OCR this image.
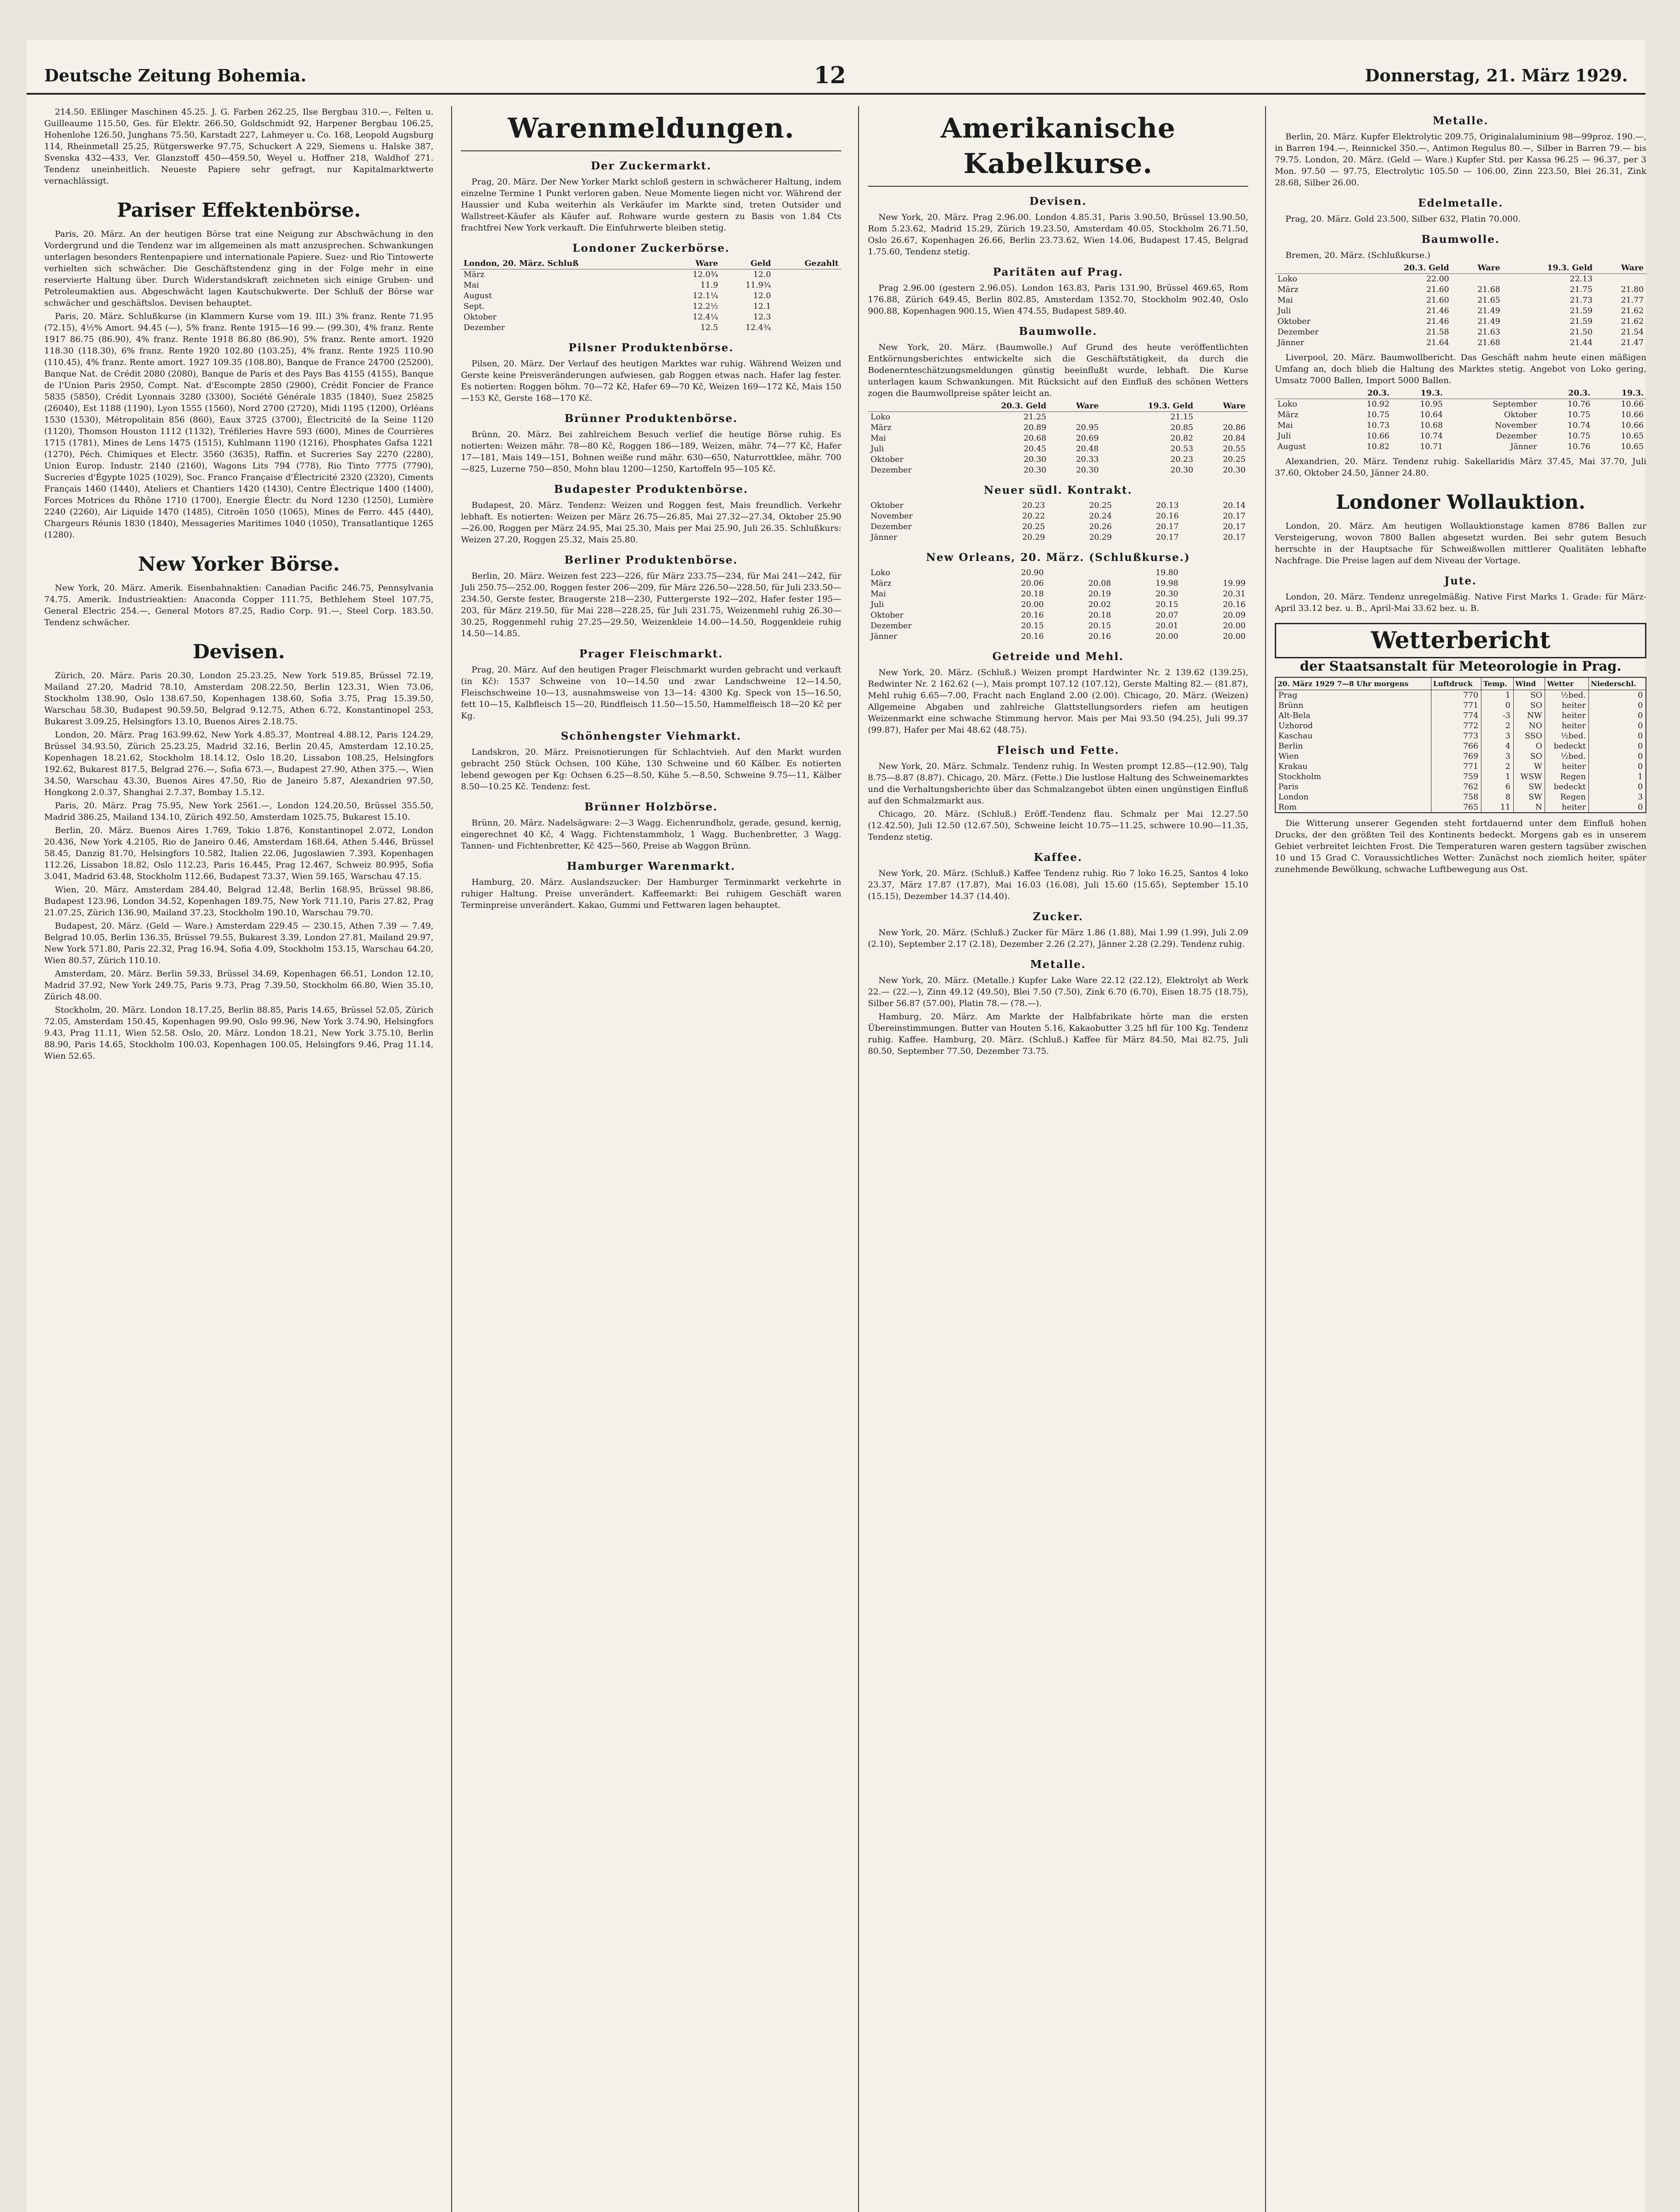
Deutsche Zeitung Bohemia.	12	Donnerstag, 21. März 1929.

214.50. Eßlinger Maschinen 45.25. J. G. Farben 262.25, Ilse Bergbau 310.—, Felten u. Guilleaume 115.50, Ges. für Elektr. 266.50, Goldschmidt 92, Harpener Bergbau 106.25, Hohenlohe 126.50, Junghans 75.50, Karstadt 227, Lahmeyer u. Co. 168, Leopold Augsburg 114, Rheinmetall 25.25, Rütgerswerke 97.75, Schuckert A 229, Siemens u. Halske 387, Svenska 432—433, Ver. Glanzstoff 450—459.50, Weyel u. Hoffner 218, Waldhof 271. Tendenz uneinheitlich. Neueste Papiere sehr gefragt, nur Kapitalmarktwerte vernachlässigt.

Pariser Effektenbörse.

Paris, 20. März. An der heutigen Börse trat eine Neigung zur Abschwächung in den Vordergrund und die Tendenz war im allgemeinen als matt anzusprechen. Schwankungen unterlagen besonders Rentenpapiere und internationale Papiere. Suez- und Rio Tintowerte verhielten sich schwächer. Die Geschäftstendenz ging in der Folge mehr in eine reservierte Haltung über. Durch Widerstandskraft zeichneten sich einige Gruben- und Petroleumaktien aus. Abgeschwächt lagen Kautschukwerte. Der Schluß der Börse war schwächer und geschäftslos. Devisen behauptet.

Paris, 20. März. Schlußkurse (in Klammern Kurse vom 19. III.) 3% franz. Rente 71.95 (72.15), 4½% Amort. 94.45 (—), 5% franz. Rente 1915—16 99.— (99.30), 4% franz. Rente 1917 86.75 (86.90), 4% franz. Rente 1918 86.80 (86.90), 5% franz. Rente amort. 1920 118.30 (118.30), 6% franz. Rente 1920 102.80 (103.25), 4% franz. Rente 1925 110.90 (110.45), 4% franz. Rente amort. 1927 109.35 (108.80), Banque de France 24700 (25200), Banque Nat. de Crédit 2080 (2080), Banque de Paris et des Pays Bas 4155 (4155), Banque de l'Union Paris 2950, Compt. Nat. d'Escompte 2850 (2900), Crédit Foncier de France 5835 (5850), Crédit Lyonnais 3280 (3300), Société Générale 1835 (1840), Suez 25825 (26040), Est 1188 (1190), Lyon 1555 (1560), Nord 2700 (2720), Midi 1195 (1200), Orléans 1530 (1530), Métropolitain 856 (860), Eaux 3725 (3700), Électricité de la Seine 1120 (1120), Thomson Houston 1112 (1132), Tréfileries Havre 593 (600), Mines de Courrières 1715 (1781), Mines de Lens 1475 (1515), Kuhlmann 1190 (1216), Phosphates Gafsa 1221 (1270), Péch. Chimiques et Electr. 3560 (3635), Raffin. et Sucreries Say 2270 (2280), Union Europ. Industr. 2140 (2160), Wagons Lits 794 (778), Rio Tinto 7775 (7790), Sucreries d'Égypte 1025 (1029), Soc. Franco Française d'Électricité 2320 (2320), Ciments Français 1460 (1440), Ateliers et Chantiers 1420 (1430), Centre Électrique 1400 (1400), Forces Motrices du Rhône 1710 (1700), Energie Électr. du Nord 1230 (1250), Lumière 2240 (2260), Air Liquide 1470 (1485), Citroën 1050 (1065), Mines de Ferro. 445 (440), Chargeurs Réunis 1830 (1840), Messageries Maritimes 1040 (1050), Transatlantique 1265 (1280).

New Yorker Börse.

New York, 20. März. Amerik. Eisenbahnaktien: Canadian Pacific 246.75, Pennsylvania 74.75. Amerik. Industrieaktien: Anaconda Copper 111.75, Bethlehem Steel 107.75, General Electric 254.—, General Motors 87.25, Radio Corp. 91.—, Steel Corp. 183.50. Tendenz schwächer.

Devisen.

Zürich, 20. März. Paris 20.30, London 25.23.25, New York 519.85, Brüssel 72.19, Mailand 27.20, Madrid 78.10, Amsterdam 208.22.50, Berlin 123.31, Wien 73.06, Stockholm 138.90, Oslo 138.67.50, Kopenhagen 138.60, Sofia 3.75, Prag 15.39.50, Warschau 58.30, Budapest 90.59.50, Belgrad 9.12.75, Athen 6.72, Konstantinopel 253, Bukarest 3.09.25, Helsingfors 13.10, Buenos Aires 2.18.75.

London, 20. März. Prag 163.99.62, New York 4.85.37, Montreal 4.88.12, Paris 124.29, Brüssel 34.93.50, Zürich 25.23.25, Madrid 32.16, Berlin 20.45, Amsterdam 12.10.25, Kopenhagen 18.21.62, Stockholm 18.14.12, Oslo 18.20, Lissabon 108.25, Helsingfors 192.62, Bukarest 817.5, Belgrad 276.—, Sofia 673.—, Budapest 27.90, Athen 375.—, Wien 34.50, Warschau 43.30, Buenos Aires 47.50, Rio de Janeiro 5.87, Alexandrien 97.50, Hongkong 2.0.37, Shanghai 2.7.37, Bombay 1.5.12.

Paris, 20. März. Prag 75.95, New York 2561.—, London 124.20.50, Brüssel 355.50, Madrid 386.25, Mailand 134.10, Zürich 492.50, Amsterdam 1025.75, Bukarest 15.10.

Berlin, 20. März. Buenos Aires 1.769, Tokio 1.876, Konstantinopel 2.072, London 20.436, New York 4.2105, Rio de Janeiro 0.46, Amsterdam 168.64, Athen 5.446, Brüssel 58.45, Danzig 81.70, Helsingfors 10.582, Italien 22.06, Jugoslawien 7.393, Kopenhagen 112.26, Lissabon 18.82, Oslo 112.23, Paris 16.445, Prag 12.467, Schweiz 80.995, Sofia 3.041, Madrid 63.48, Stockholm 112.66, Budapest 73.37, Wien 59.165, Warschau 47.15.

Wien, 20. März. Amsterdam 284.40, Belgrad 12.48, Berlin 168.95, Brüssel 98.86, Budapest 123.96, London 34.52, Kopenhagen 189.75, New York 711.10, Paris 27.82, Prag 21.07.25, Zürich 136.90, Mailand 37.23, Stockholm 190.10, Warschau 79.70.

Budapest, 20. März. (Geld — Ware.) Amsterdam 229.45 — 230.15, Athen 7.39 — 7.49, Belgrad 10.05, Berlin 136.35, Brüssel 79.55, Bukarest 3.39, London 27.81, Mailand 29.97, New York 571.80, Paris 22.32, Prag 16.94, Sofia 4.09, Stockholm 153.15, Warschau 64.20, Wien 80.57, Zürich 110.10.

Amsterdam, 20. März. Berlin 59.33, Brüssel 34.69, Kopenhagen 66.51, London 12.10, Madrid 37.92, New York 249.75, Paris 9.73, Prag 7.39.50, Stockholm 66.80, Wien 35.10, Zürich 48.00.

Stockholm, 20. März. London 18.17.25, Berlin 88.85, Paris 14.65, Brüssel 52.05, Zürich 72.05, Amsterdam 150.45, Kopenhagen 99.90, Oslo 99.96, New York 3.74.90, Helsingfors 9.43, Prag 11.11, Wien 52.58. Oslo, 20. März. London 18.21, New York 3.75.10, Berlin 88.90, Paris 14.65, Stockholm 100.03, Kopenhagen 100.05, Helsingfors 9.46, Prag 11.14, Wien 52.65.

Warenmeldungen.
Der Zuckermarkt.

Prag, 20. März. Der New Yorker Markt schloß gestern in schwächerer Haltung, indem einzelne Termine 1 Punkt verloren gaben. Neue Momente liegen nicht vor. Während der Haussier und Kuba weiterhin als Verkäufer im Markte sind, treten Outsider und Wallstreet-Käufer als Käufer auf. Rohware wurde gestern zu Basis von 1.84 Cts frachtfrei New York verkauft. Die Einfuhrwerte bleiben stetig.

Londoner Zuckerbörse.
London, 20. März. Schluß	Ware	Geld	Gezahlt
März	12.0¾	12.0	
Mai	11.9	11.9¾	
August	12.1¼	12.0	
Sept.	12.2½	12.1	
Oktober	12.4¼	12.3	
Dezember	12.5	12.4¾	
Pilsner Produktenbörse.

Pilsen, 20. März. Der Verlauf des heutigen Marktes war ruhig. Während Weizen und Gerste keine Preisveränderungen aufwiesen, gab Roggen etwas nach. Hafer lag fester. Es notierten: Roggen böhm. 70—72 Kč, Hafer 69—70 Kč, Weizen 169—172 Kč, Mais 150—153 Kč, Gerste 168—170 Kč.

Brünner Produktenbörse.

Brünn, 20. März. Bei zahlreichem Besuch verlief die heutige Börse ruhig. Es notierten: Weizen mähr. 78—80 Kč, Roggen 186—189, Weizen, mähr. 74—77 Kč, Hafer 17—181, Mais 149—151, Bohnen weiße rund mähr. 630—650, Naturrottklee, mähr. 700—825, Luzerne 750—850, Mohn blau 1200—1250, Kartoffeln 95—105 Kč.

Budapester Produktenbörse.

Budapest, 20. März. Tendenz: Weizen und Roggen fest, Mais freundlich. Verkehr lebhaft. Es notierten: Weizen per März 26.75—26.85, Mai 27.32—27.34, Oktober 25.90—26.00, Roggen per März 24.95, Mai 25.30, Mais per Mai 25.90, Juli 26.35. Schlußkurs: Weizen 27.20, Roggen 25.32, Mais 25.80.

Berliner Produktenbörse.

Berlin, 20. März. Weizen fest 223—226, für März 233.75—234, für Mai 241—242, für Juli 250.75—252.00, Roggen fester 206—209, für März 226.50—228.50, für Juli 233.50—234.50, Gerste fester, Braugerste 218—230, Futtergerste 192—202, Hafer fester 195—203, für März 219.50, für Mai 228—228.25, für Juli 231.75, Weizenmehl ruhig 26.30—30.25, Roggenmehl ruhig 27.25—29.50, Weizenkleie 14.00—14.50, Roggenkleie ruhig 14.50—14.85.

Prager Fleischmarkt.

Prag, 20. März. Auf den heutigen Prager Fleischmarkt wurden gebracht und verkauft (in Kč): 1537 Schweine von 10—14.50 und zwar Landschweine 12—14.50, Fleischschweine 10—13, ausnahmsweise von 13—14: 4300 Kg. Speck von 15—16.50, fett 10—15, Kalbfleisch 15—20, Rindfleisch 11.50—15.50, Hammelfleisch 18—20 Kč per Kg.

Schönhengster Viehmarkt.

Landskron, 20. März. Preisnotierungen für Schlachtvieh. Auf den Markt wurden gebracht 250 Stück Ochsen, 100 Kühe, 130 Schweine und 60 Kälber. Es notierten lebend gewogen per Kg: Ochsen 6.25—8.50, Kühe 5.—8.50, Schweine 9.75—11, Kälber 8.50—10.25 Kč. Tendenz: fest.

Brünner Holzbörse.

Brünn, 20. März. Nadelsägware: 2—3 Wagg. Eichenrundholz, gerade, gesund, kernig, eingerechnet 40 Kč, 4 Wagg. Fichtenstammholz, 1 Wagg. Buchenbretter, 3 Wagg. Tannen- und Fichtenbretter, Kč 425—560, Preise ab Waggon Brünn.

Hamburger Warenmarkt.

Hamburg, 20. März. Auslandszucker: Der Hamburger Terminmarkt verkehrte in ruhiger Haltung. Preise unverändert. Kaffeemarkt: Bei ruhigem Geschäft waren Terminpreise unverändert. Kakao, Gummi und Fettwaren lagen behauptet.

Amerikanische Kabelkurse.
Devisen.

New York, 20. März. Prag 2.96.00. London 4.85.31, Paris 3.90.50, Brüssel 13.90.50, Rom 5.23.62, Madrid 15.29, Zürich 19.23.50, Amsterdam 40.05, Stockholm 26.71.50, Oslo 26.67, Kopenhagen 26.66, Berlin 23.73.62, Wien 14.06, Budapest 17.45, Belgrad 1.75.60, Tendenz stetig.

Paritäten auf Prag.

Prag 2.96.00 (gestern 2.96.05). London 163.83, Paris 131.90, Brüssel 469.65, Rom 176.88, Zürich 649.45, Berlin 802.85, Amsterdam 1352.70, Stockholm 902.40, Oslo 900.88, Kopenhagen 900.15, Wien 474.55, Budapest 589.40.

Baumwolle.

New York, 20. März. (Baumwolle.) Auf Grund des heute veröffentlichten Entkörnungsberichtes entwickelte sich die Geschäftstätigkeit, da durch die Bodenernteschätzungsmeldungen günstig beeinflußt wurde, lebhaft. Die Kurse unterlagen kaum Schwankungen. Mit Rücksicht auf den Einfluß des schönen Wetters zogen die Baumwollpreise später leicht an.

	20.3. Geld	Ware	19.3. Geld	Ware
Loko	21.25		21.15	
März	20.89	20.95	20.85	20.86
Mai	20.68	20.69	20.82	20.84
Juli	20.45	20.48	20.53	20.55
Oktober	20.30	20.33	20.23	20.25
Dezember	20.30	20.30	20.30	20.30
Neuer südl. Kontrakt.
Oktober	20.23	20.25	20.13	20.14
November	20.22	20.24	20.16	20.17
Dezember	20.25	20.26	20.17	20.17
Jänner	20.29	20.29	20.17	20.17
New Orleans, 20. März. (Schlußkurse.)
Loko	20.90		19.80	
März	20.06	20.08	19.98	19.99
Mai	20.18	20.19	20.30	20.31
Juli	20.00	20.02	20.15	20.16
Oktober	20.16	20.18	20.07	20.09
Dezember	20.15	20.15	20.01	20.00
Jänner	20.16	20.16	20.00	20.00
Getreide und Mehl.

New York, 20. März. (Schluß.) Weizen prompt Hardwinter Nr. 2 139.62 (139.25), Redwinter Nr. 2 162.62 (—), Mais prompt 107.12 (107.12), Gerste Malting 82.— (81.87), Mehl ruhig 6.65—7.00, Fracht nach England 2.00 (2.00). Chicago, 20. März. (Weizen) Allgemeine Abgaben und zahlreiche Glattstellungsorders riefen am heutigen Weizenmarkt eine schwache Stimmung hervor. Mais per Mai 93.50 (94.25), Juli 99.37 (99.87), Hafer per Mai 48.62 (48.75).

Fleisch und Fette.

New York, 20. März. Schmalz. Tendenz ruhig. In Westen prompt 12.85—(12.90), Talg 8.75—8.87 (8.87). Chicago, 20. März. (Fette.) Die lustlose Haltung des Schweinemarktes und die Verhaltungsberichte über das Schmalzangebot übten einen ungünstigen Einfluß auf den Schmalzmarkt aus.

Chicago, 20. März. (Schluß.) Eröff.-Tendenz flau. Schmalz per Mai 12.27.50 (12.42.50), Juli 12.50 (12.67.50), Schweine leicht 10.75—11.25, schwere 10.90—11.35, Tendenz stetig.

Kaffee.

New York, 20. März. (Schluß.) Kaffee Tendenz ruhig. Rio 7 loko 16.25, Santos 4 loko 23.37, März 17.87 (17.87), Mai 16.03 (16.08), Juli 15.60 (15.65), September 15.10 (15.15), Dezember 14.37 (14.40).

Zucker.

New York, 20. März. (Schluß.) Zucker für März 1.86 (1.88), Mai 1.99 (1.99), Juli 2.09 (2.10), September 2.17 (2.18), Dezember 2.26 (2.27), Jänner 2.28 (2.29). Tendenz ruhig.

Metalle.

New York, 20. März. (Metalle.) Kupfer Lake Ware 22.12 (22.12), Elektrolyt ab Werk 22.— (22.—), Zinn 49.12 (49.50), Blei 7.50 (7.50), Zink 6.70 (6.70), Eisen 18.75 (18.75), Silber 56.87 (57.00), Platin 78.— (78.—).

Hamburg, 20. März. Am Markte der Halbfabrikate hörte man die ersten Übereinstimmungen. Butter van Houten 5.16, Kakaobutter 3.25 hfl für 100 Kg. Tendenz ruhig. Kaffee. Hamburg, 20. März. (Schluß.) Kaffee für März 84.50, Mai 82.75, Juli 80.50, September 77.50, Dezember 73.75.

Metalle.

Berlin, 20. März. Kupfer Elektrolytic 209.75, Originalaluminium 98—99proz. 190.—, in Barren 194.—, Reinnickel 350.—, Antimon Regulus 80.—, Silber in Barren 79.— bis 79.75. London, 20. März. (Geld — Ware.) Kupfer Std. per Kassa 96.25 — 96.37, per 3 Mon. 97.50 — 97.75, Electrolytic 105.50 — 106.00, Zinn 223.50, Blei 26.31, Zink 28.68, Silber 26.00.

Edelmetalle.

Prag, 20. März. Gold 23.500, Silber 632, Platin 70.000.

Baumwolle.

Bremen, 20. März. (Schlußkurse.)

	20.3. Geld	Ware	19.3. Geld	Ware
Loko	22.00		22.13	
März	21.60	21.68	21.75	21.80
Mai	21.60	21.65	21.73	21.77
Juli	21.46	21.49	21.59	21.62
Oktober	21.46	21.49	21.59	21.62
Dezember	21.58	21.63	21.50	21.54
Jänner	21.64	21.68	21.44	21.47

Liverpool, 20. März. Baumwollbericht. Das Geschäft nahm heute einen mäßigen Umfang an, doch blieb die Haltung des Marktes stetig. Angebot von Loko gering, Umsatz 7000 Ballen, Import 5000 Ballen.

	20.3.	19.3.		20.3.	19.3.
Loko	10.92	10.95	September	10.76	10.66
März	10.75	10.64	Oktober	10.75	10.66
Mai	10.73	10.68	November	10.74	10.66
Juli	10.66	10.74	Dezember	10.75	10.65
August	10.82	10.71	Jänner	10.76	10.65

Alexandrien, 20. März. Tendenz ruhig. Sakellaridis März 37.45, Mai 37.70, Juli 37.60, Oktober 24.50, Jänner 24.80.

Londoner Wollauktion.

London, 20. März. Am heutigen Wollauktionstage kamen 8786 Ballen zur Versteigerung, wovon 7800 Ballen abgesetzt wurden. Bei sehr gutem Besuch herrschte in der Hauptsache für Schweißwollen mittlerer Qualitäten lebhafte Nachfrage. Die Preise lagen auf dem Niveau der Vortage.

Jute.

London, 20. März. Tendenz unregelmäßig. Native First Marks 1. Grade: für März-April 33.12 bez. u. B., April-Mai 33.62 bez. u. B.

Wetterbericht
der Staatsanstalt für Meteorologie in Prag.
20. März 1929 7—8 Uhr morgens	Luftdruck	Temp.	Wind	Wetter	Niederschl.
Prag	770	1	SO	½bed.	0
Brünn	771	0	SO	heiter	0
Alt-Bela	774	-3	NW	heiter	0
Uzhorod	772	2	NO	heiter	0
Kaschau	773	3	SSO	½bed.	0
Berlin	766	4	O	bedeckt	0
Wien	769	3	SO	½bed.	0
Krakau	771	2	W	heiter	0
Stockholm	759	1	WSW	Regen	1
Paris	762	6	SW	bedeckt	0
London	758	8	SW	Regen	3
Rom	765	11	N	heiter	0

Die Witterung unserer Gegenden steht fortdauernd unter dem Einfluß hohen Drucks, der den größten Teil des Kontinents bedeckt. Morgens gab es in unserem Gebiet verbreitet leichten Frost. Die Temperaturen waren gestern tagsüber zwischen 10 und 15 Grad C. Voraussichtliches Wetter: Zunächst noch ziemlich heiter, später zunehmende Bewölkung, schwache Luftbewegung aus Ost.
